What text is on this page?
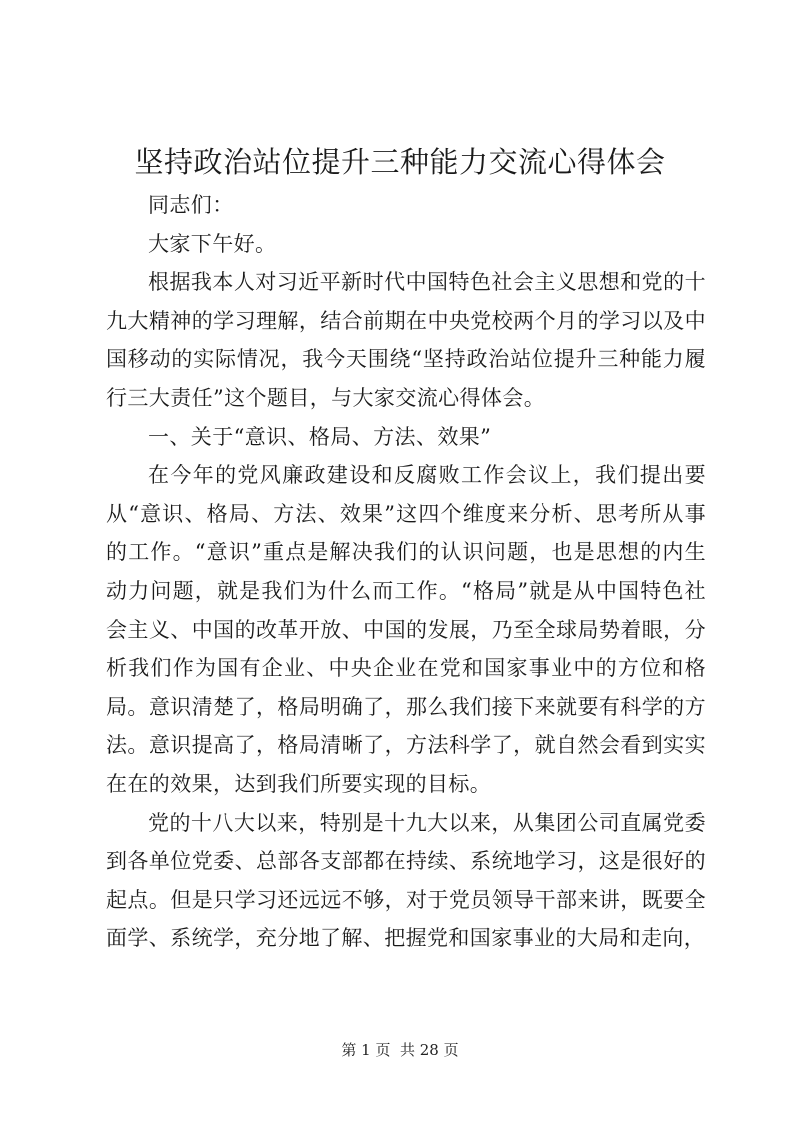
坚持政治站位提升三种能力交流心得体会

同志们：

大家下午好。

根据我本人对习近平新时代中国特色社会主义思想和党的十九大精神的学习理解，结合前期在中央党校两个月的学习以及中国移动的实际情况，我今天围绕“坚持政治站位提升三种能力履行三大责任”这个题目，与大家交流心得体会。

一、关于“意识、格局、方法、效果”

在今年的党风廉政建设和反腐败工作会议上，我们提出要从“意识、格局、方法、效果”这四个维度来分析、思考所从事的工作。“意识”重点是解决我们的认识问题，也是思想的内生动力问题，就是我们为什么而工作。“格局”就是从中国特色社会主义、中国的改革开放、中国的发展，乃至全球局势着眼，分析我们作为国有企业、中央企业在党和国家事业中的方位和格局。意识清楚了，格局明确了，那么我们接下来就要有科学的方法。意识提高了，格局清晰了，方法科学了，就自然会看到实实在在的效果，达到我们所要实现的目标。

党的十八大以来，特别是十九大以来，从集团公司直属党委到各单位党委、总部各支部都在持续、系统地学习，这是很好的起点。但是只学习还远远不够，对于党员领导干部来讲，既要全面学、系统学，充分地了解、把握党和国家事业的大局和走向，

第 1 页  共 28 页
